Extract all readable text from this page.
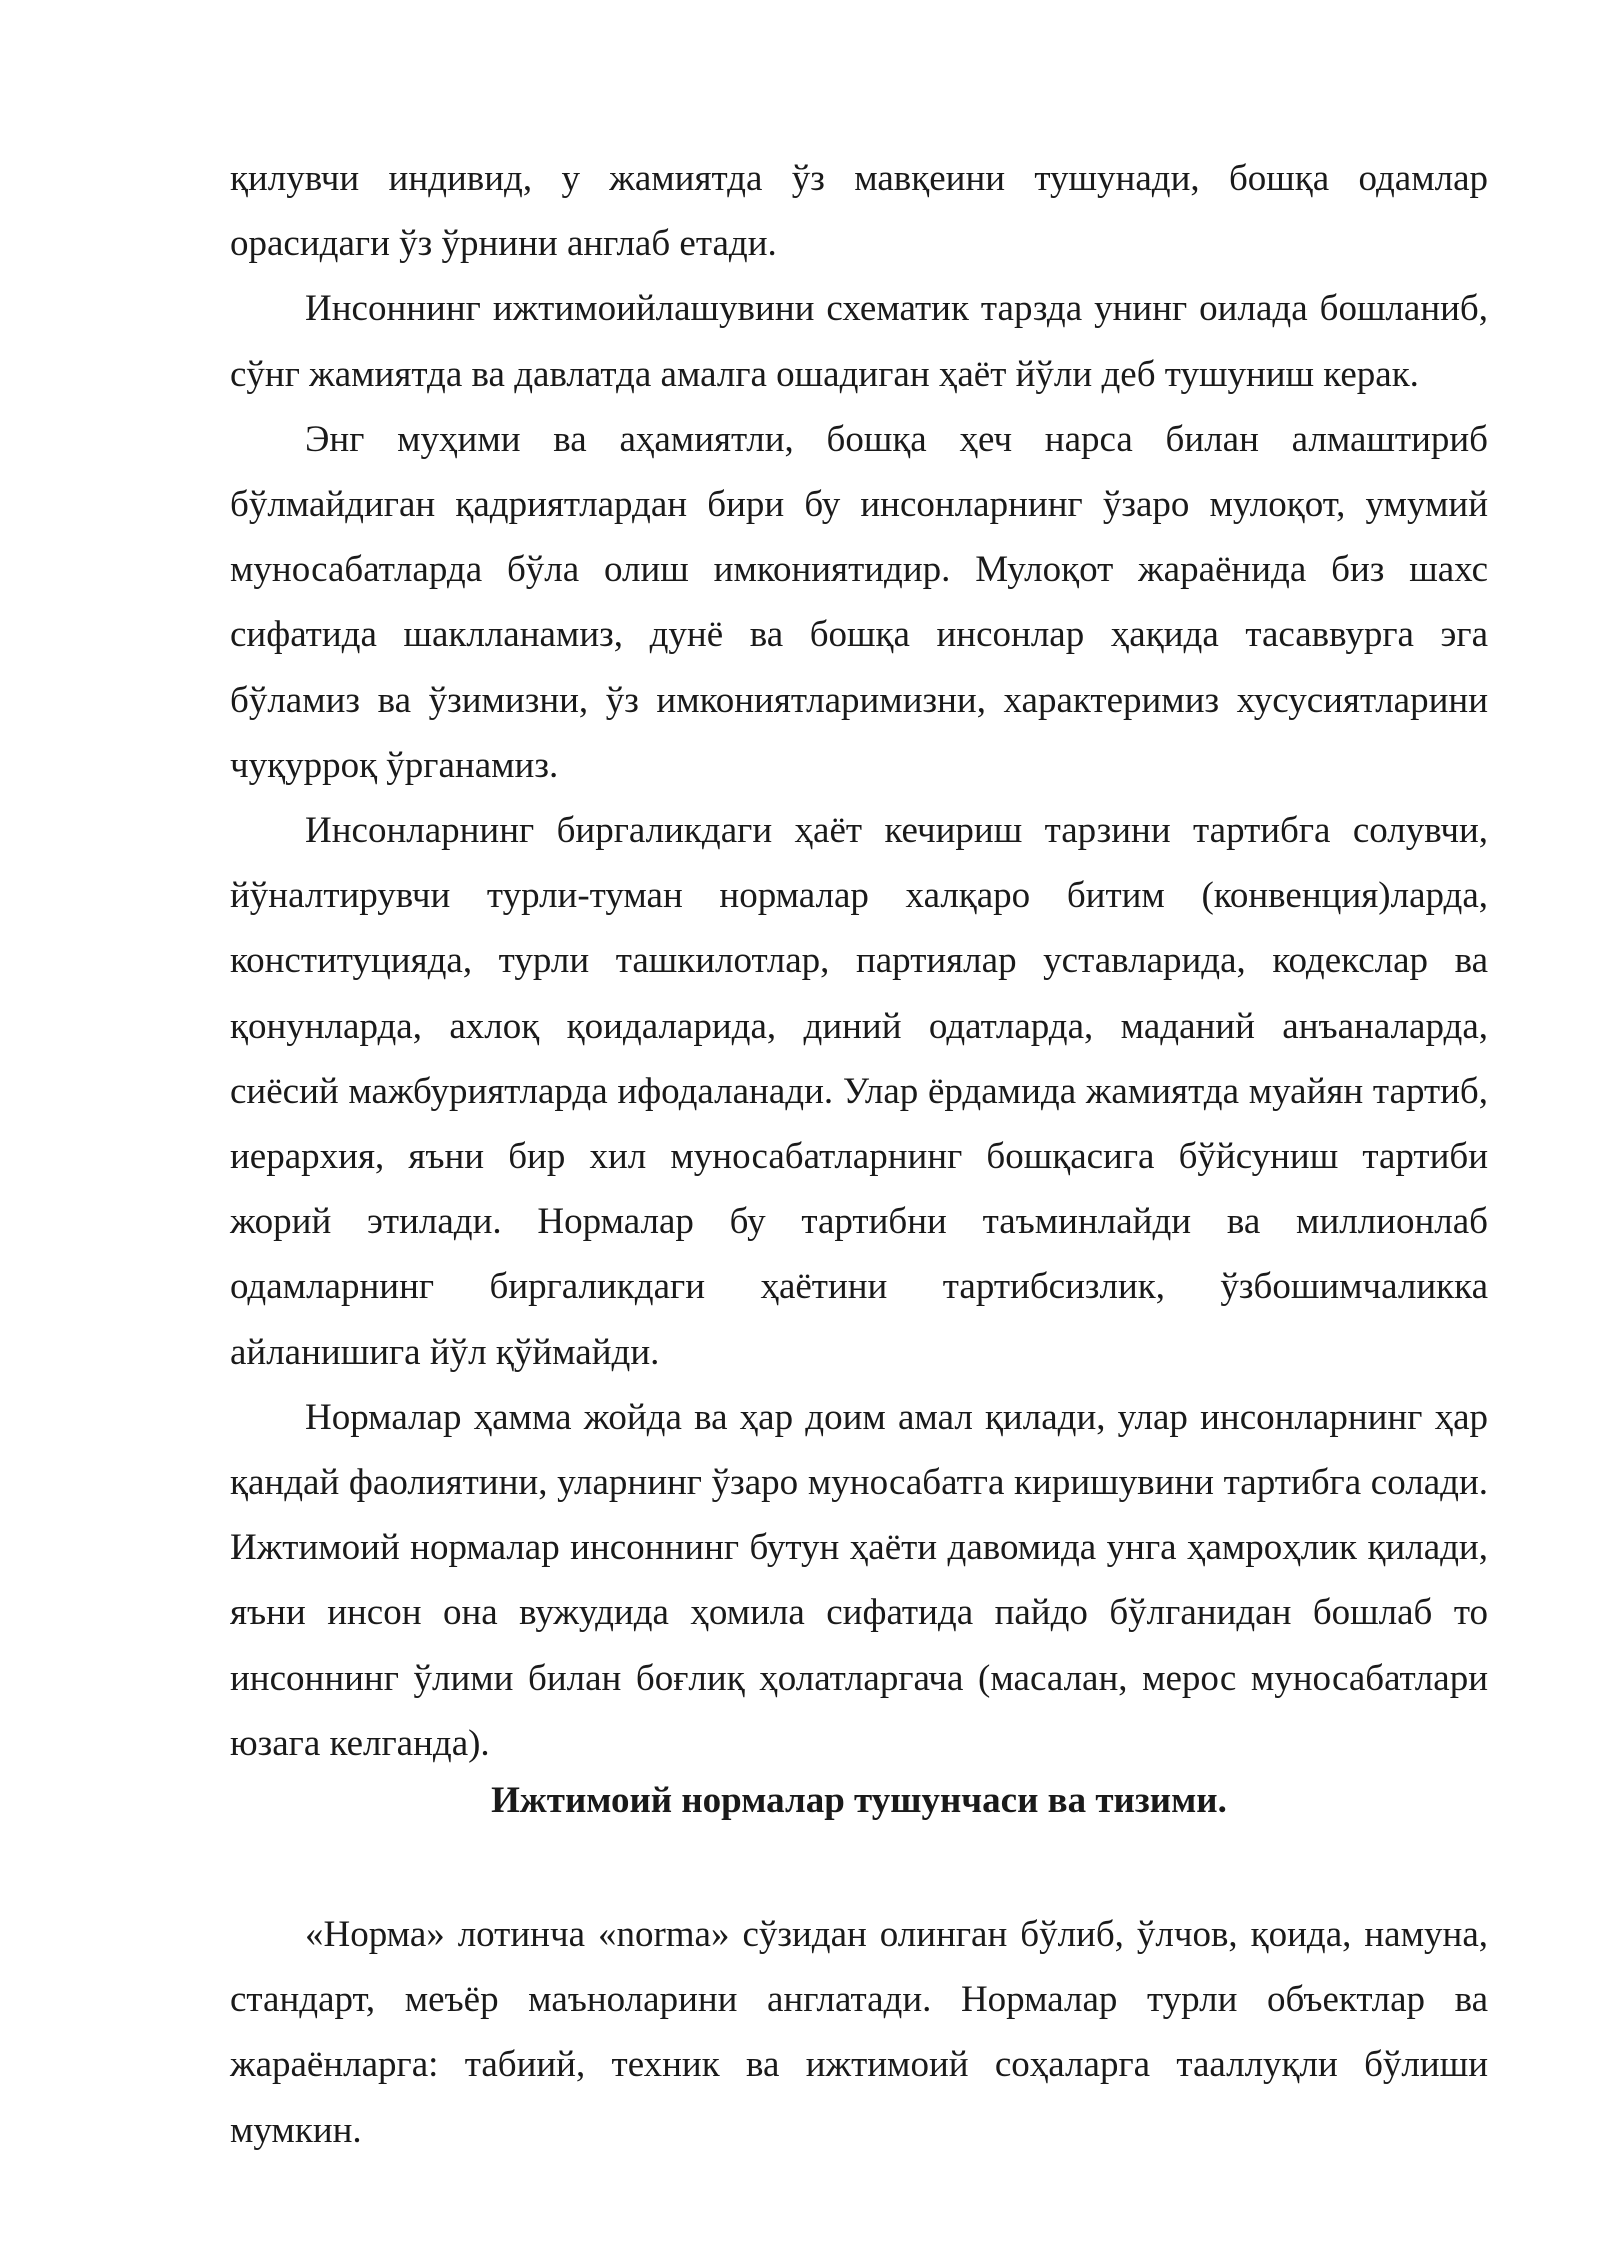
қилувчи индивид, у жамиятда ўз мавқеини тушунади, бошқа одамлар орасидаги ўз ўрнини англаб етади.

Инсоннинг ижтимоийлашувини схематик тарзда унинг оилада бошланиб, сўнг жамиятда ва давлатда амалга ошадиган ҳаёт йўли деб тушуниш керак.

Энг муҳими ва аҳамиятли, бошқа ҳеч нарса билан алмаштириб бўлмайдиган қадриятлардан бири бу инсонларнинг ўзаро мулоқот, умумий муносабатларда бўла олиш имкониятидир. Мулоқот жараёнида биз шахс сифатида шаклланамиз, дунё ва бошқа инсонлар ҳақида тасаввурга эга бўламиз ва ўзимизни, ўз имкониятларимизни, характеримиз хусусиятларини чуқурроқ ўрганамиз.

Инсонларнинг биргаликдаги ҳаёт кечириш тарзини тартибга солувчи, йўналтирувчи турли-туман нормалар халқаро битим (конвенция)ларда, конституцияда, турли ташкилотлар, партиялар уставларида, кодекслар ва қонунларда, ахлоқ қоидаларида, диний одатларда, маданий анъаналарда, сиёсий мажбуриятларда ифодаланади. Улар ёрдамида жамиятда муайян тартиб, иерархия, яъни бир хил муносабатларнинг бошқасига бўйсуниш тартиби жорий этилади. Нормалар бу тартибни таъминлайди ва миллионлаб одамларнинг биргаликдаги ҳаётини тартибсизлик, ўзбошимчаликка айланишига йўл қўймайди.

Нормалар ҳамма жойда ва ҳар доим амал қилади, улар инсонларнинг ҳар қандай фаолиятини, уларнинг ўзаро муносабатга киришувини тартибга солади. Ижтимоий нормалар инсоннинг бутун ҳаёти давомида унга ҳамроҳлик қилади, яъни инсон она вужудида ҳомила сифатида пайдо бўлганидан бошлаб то инсоннинг ўлими билан боғлиқ ҳолатларгача (масалан, мерос муносабатлари юзага келганда).

Ижтимоий нормалар тушунчаси ва тизими.

«Норма» лотинча «norma» сўзидан олинган бўлиб, ўлчов, қоида, намуна, стандарт, меъёр маъноларини англатади. Нормалар турли объектлар ва жараёнларга: табиий, техник ва ижтимоий соҳаларга тааллуқли бўлиши мумкин.
